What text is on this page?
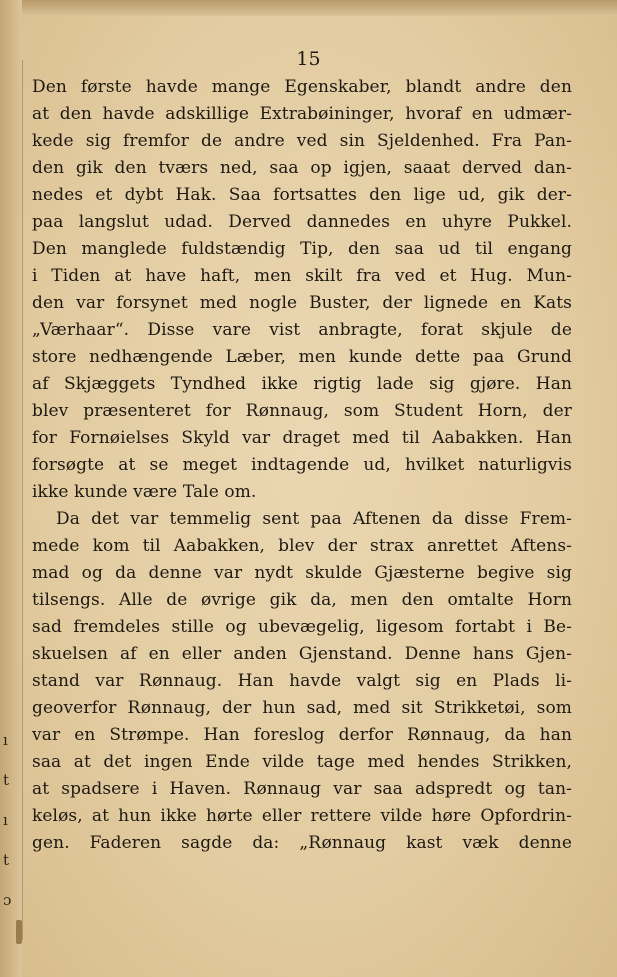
ı
t
ı
t
ɔ
15
Den første havde mange Egenskaber, blandt andre den
at den havde adskillige Extrabøininger, hvoraf en udmær-
kede sig fremfor de andre ved sin Sjeldenhed. Fra Pan-
den gik den tværs ned, saa op igjen, saaat derved dan-
nedes et dybt Hak. Saa fortsattes den lige ud, gik der-
paa langslut udad. Derved dannedes en uhyre Pukkel.
Den manglede fuldstændig Tip, den saa ud til engang
i Tiden at have haft, men skilt fra ved et Hug. Mun-
den var forsynet med nogle Buster, der lignede en Kats
„Værhaar“. Disse vare vist anbragte, forat skjule de
store nedhængende Læber, men kunde dette paa Grund
af Skjæggets Tyndhed ikke rigtig lade sig gjøre. Han
blev præsenteret for Rønnaug, som Student Horn, der
for Fornøielses Skyld var draget med til Aabakken. Han
forsøgte at se meget indtagende ud, hvilket naturligvis
ikke kunde være Tale om.
Da det var temmelig sent paa Aftenen da disse Frem-
mede kom til Aabakken, blev der strax anrettet Aftens-
mad og da denne var nydt skulde Gjæsterne begive sig
tilsengs. Alle de øvrige gik da, men den omtalte Horn
sad fremdeles stille og ubevægelig, ligesom fortabt i Be-
skuelsen af en eller anden Gjenstand. Denne hans Gjen-
stand var Rønnaug. Han havde valgt sig en Plads li-
geoverfor Rønnaug, der hun sad, med sit Strikketøi, som
var en Strømpe. Han foreslog derfor Rønnaug, da han
saa at det ingen Ende vilde tage med hendes Strikken,
at spadsere i Haven. Rønnaug var saa adspredt og tan-
keløs, at hun ikke hørte eller rettere vilde høre Opfordrin-
gen. Faderen sagde da: „Rønnaug kast væk denne
